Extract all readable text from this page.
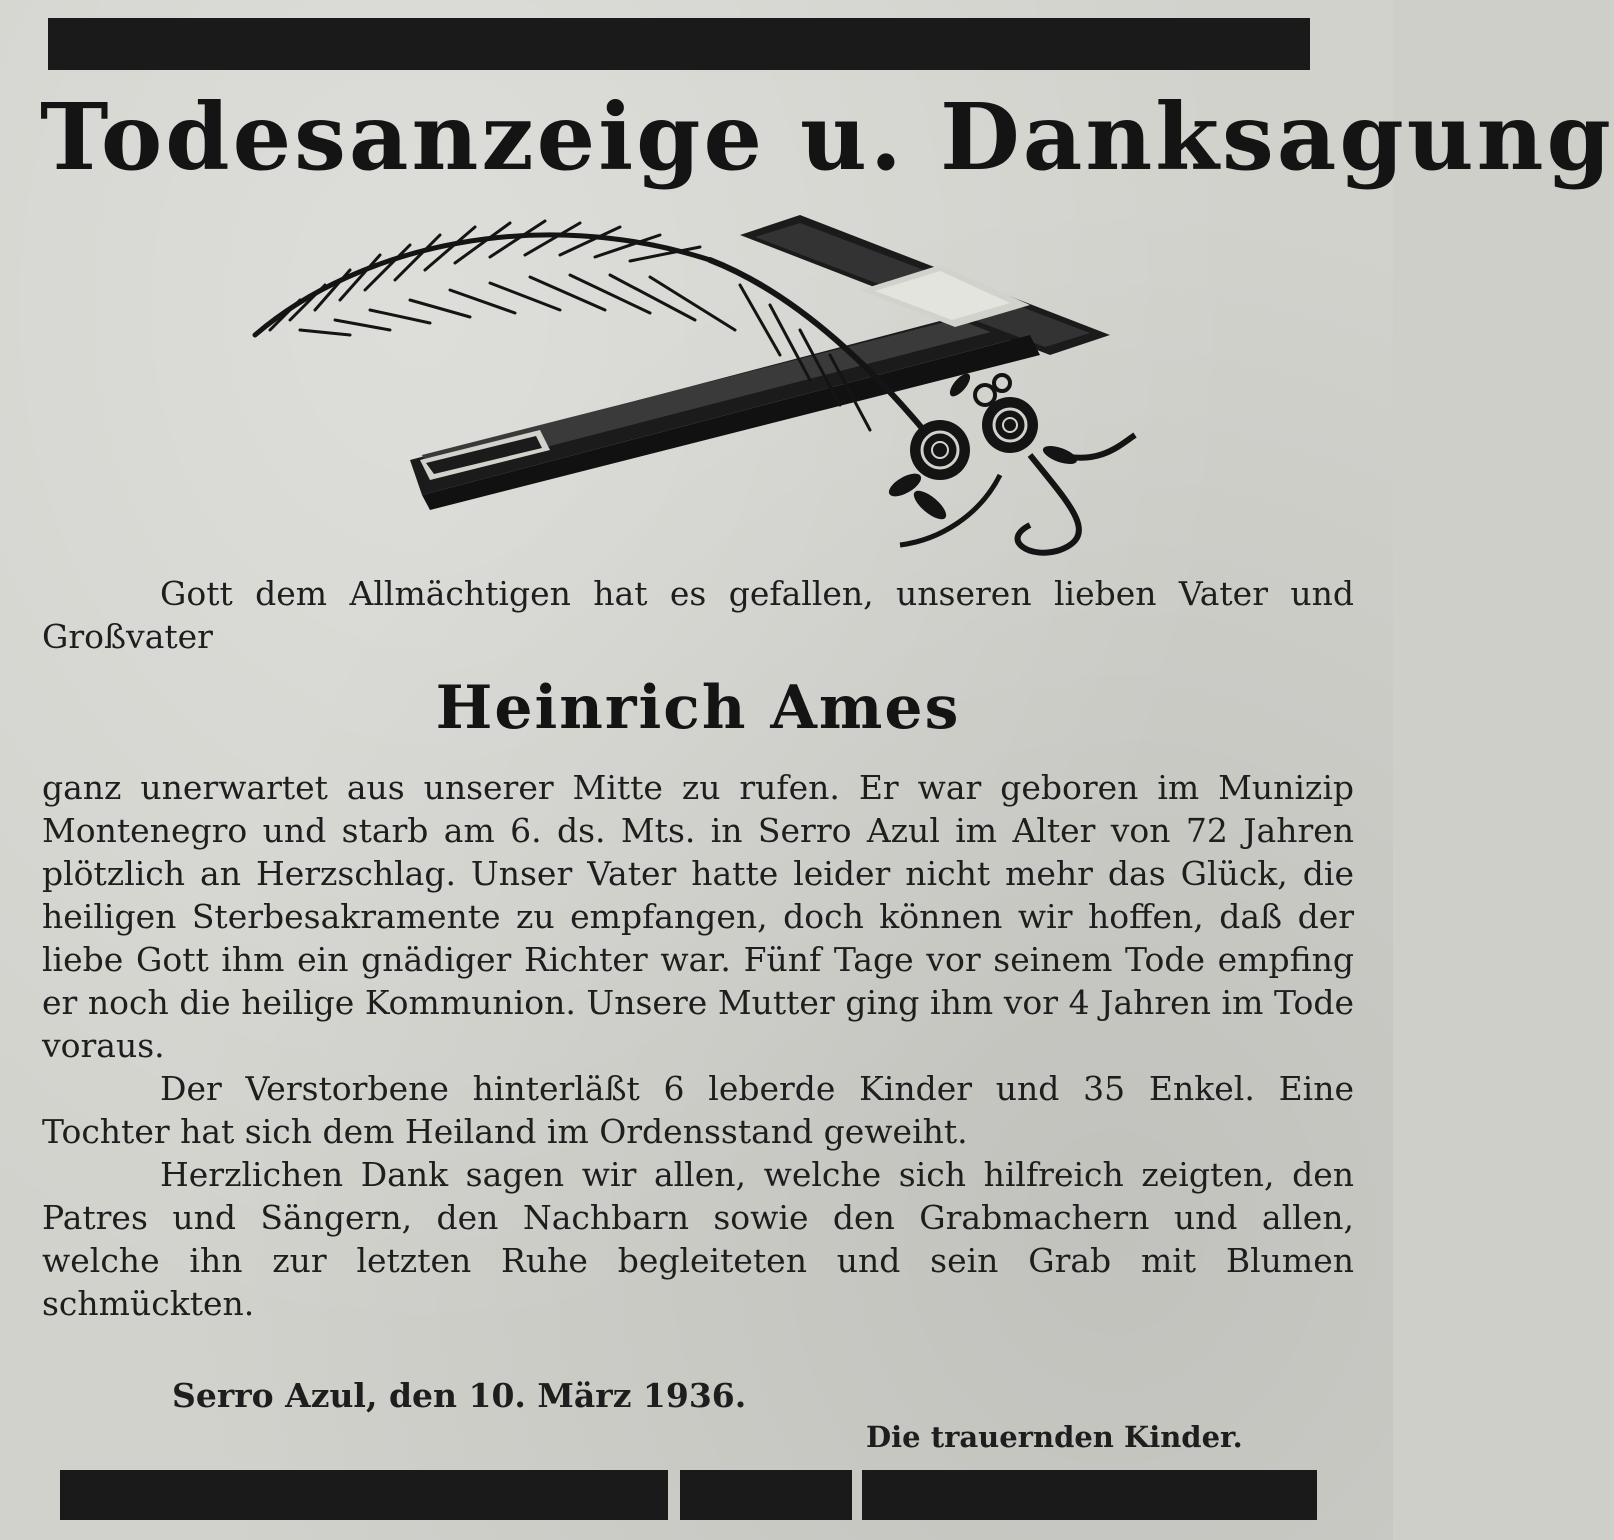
Todesanzeige u. Danksagung

Gott dem Allmächtigen hat es gefallen, unseren lieben Vater und Großvater

Heinrich Ames

ganz unerwartet aus unserer Mitte zu rufen. Er war geboren im Munizip Montenegro und starb am 6. ds. Mts. in Serro Azul im Alter von 72 Jahren plötzlich an Herzschlag. Unser Vater hatte leider nicht mehr das Glück, die heiligen Sterbesakramente zu empfangen, doch können wir hoffen, daß der liebe Gott ihm ein gnädiger Richter war. Fünf Tage vor seinem Tode empfing er noch die heilige Kommunion. Unsere Mutter ging ihm vor 4 Jahren im Tode voraus.

Der Verstorbene hinterläßt 6 leberde Kinder und 35 Enkel. Eine Tochter hat sich dem Heiland im Ordensstand geweiht.

Herzlichen Dank sagen wir allen, welche sich hilfreich zeigten, den Patres und Sängern, den Nachbarn sowie den Grabmachern und allen, welche ihn zur letzten Ruhe begleiteten und sein Grab mit Blumen schmückten.

Serro Azul, den 10. März 1936.
Die trauernden Kinder.
